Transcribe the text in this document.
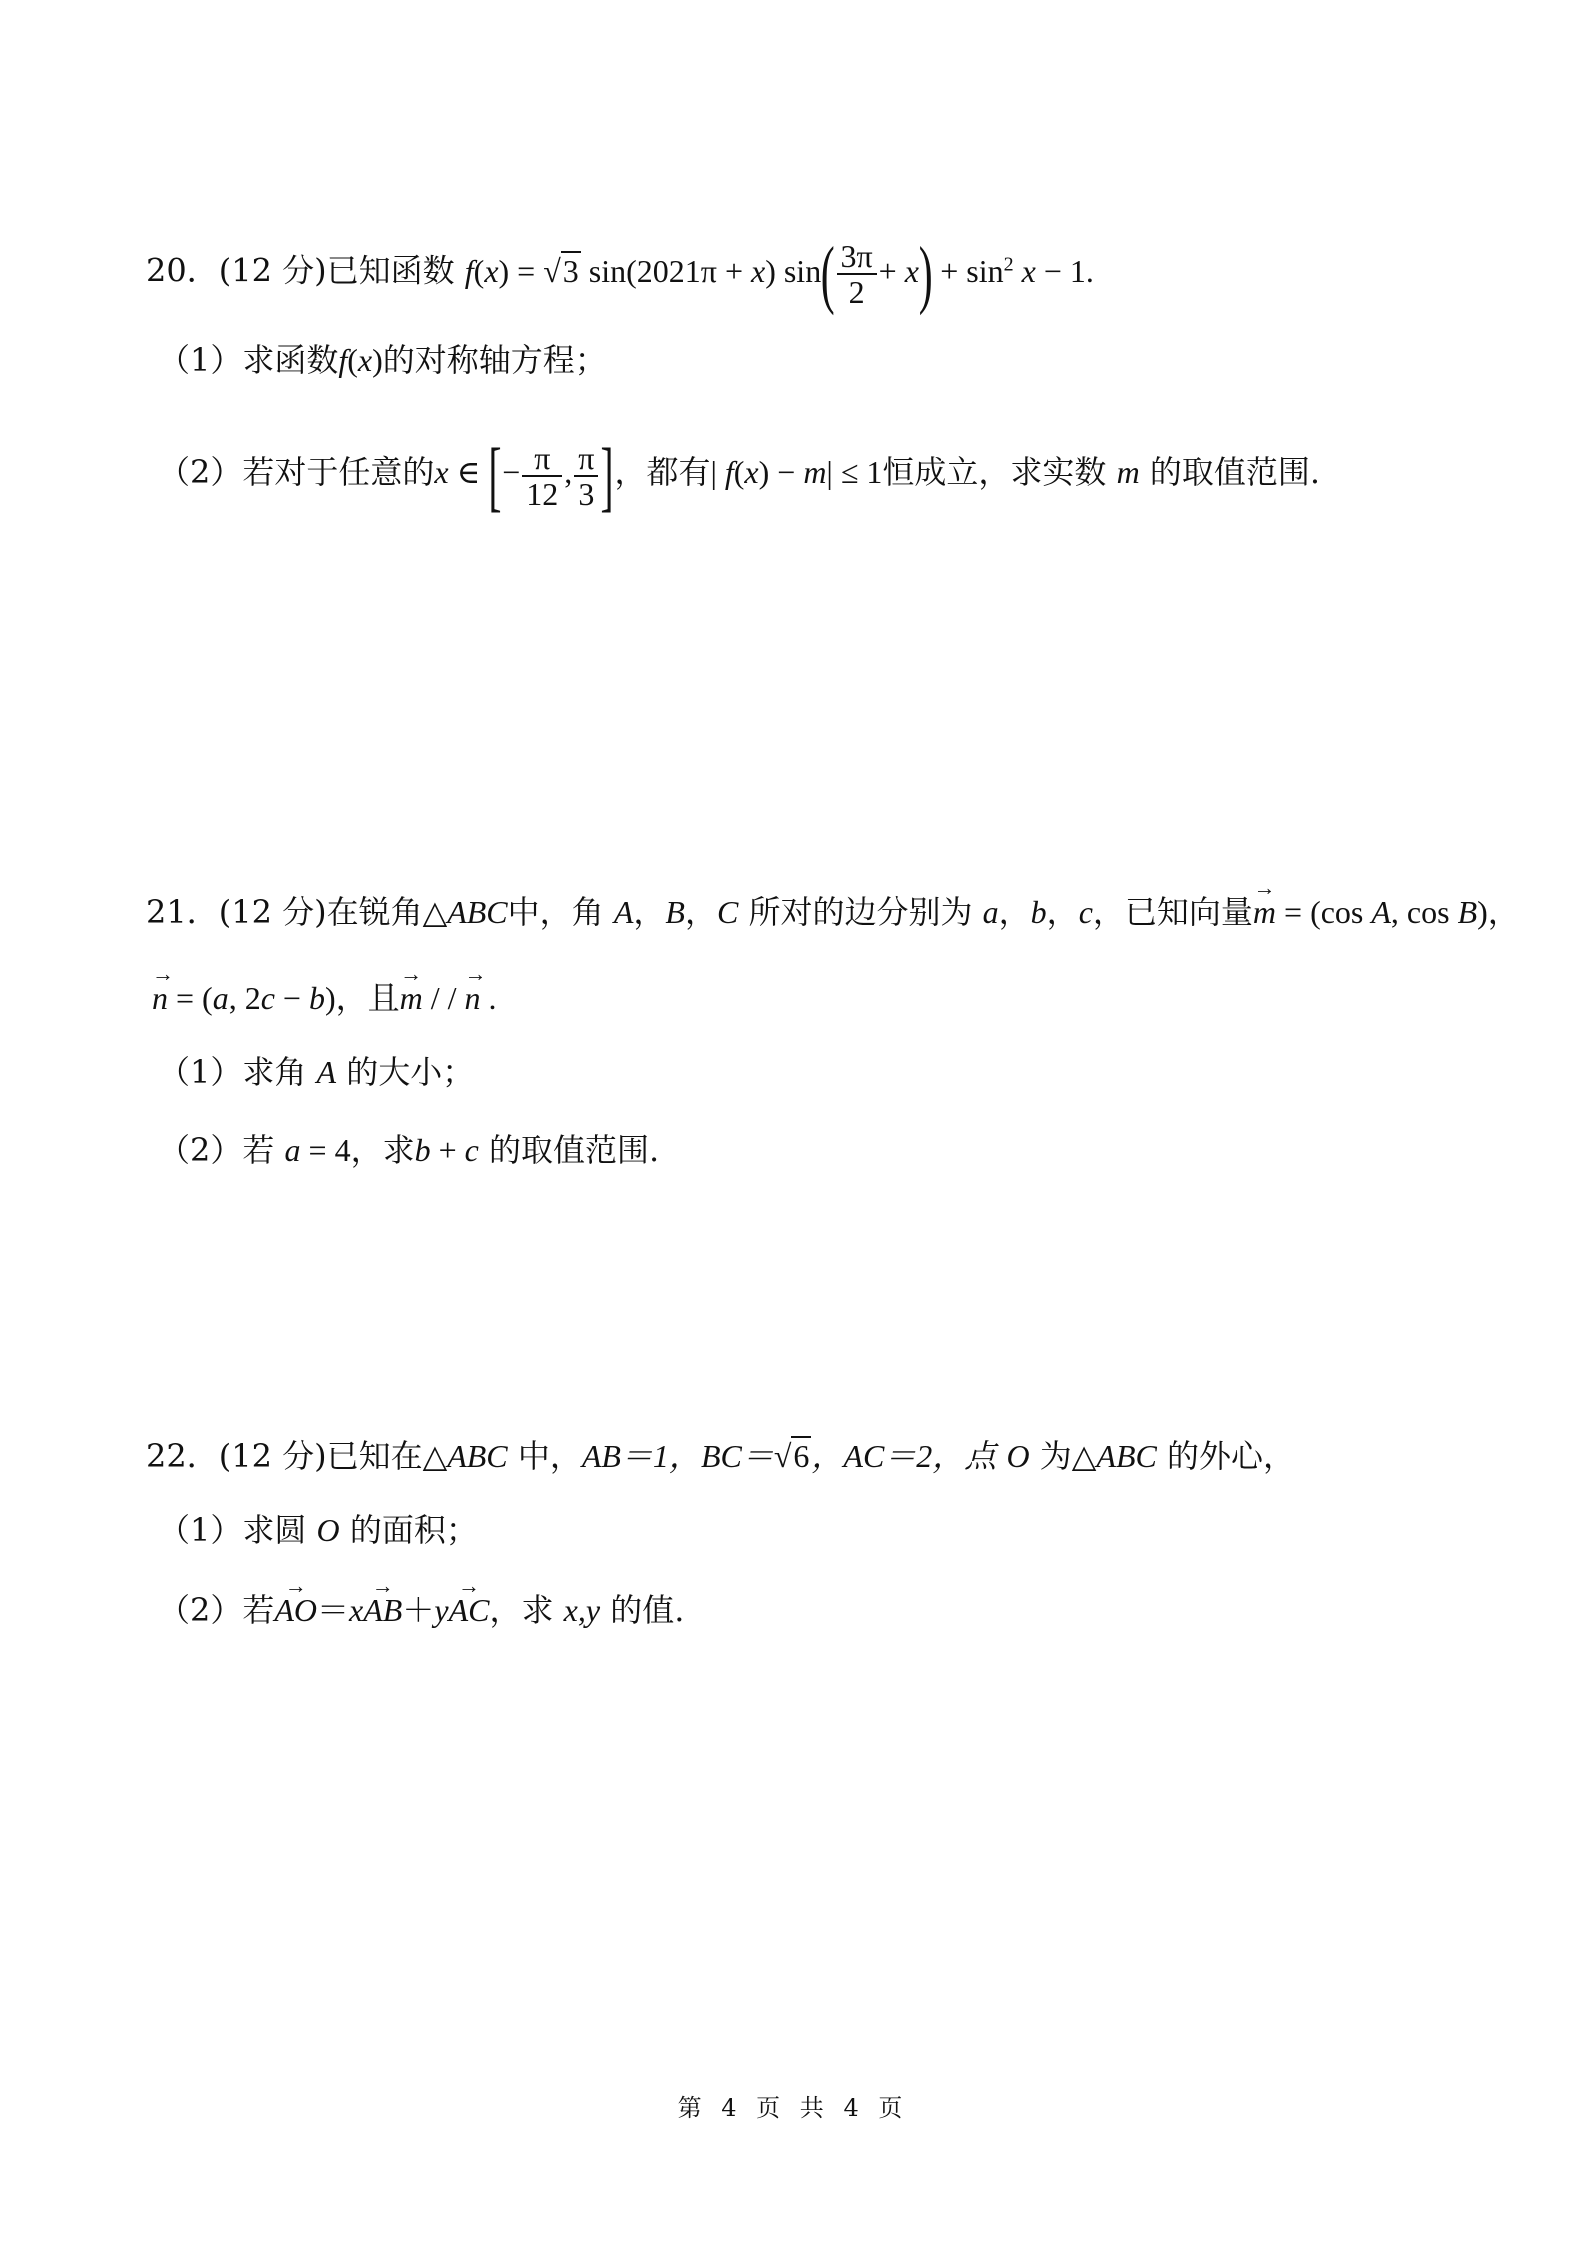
20．(12 分)已知函数 f(x) = √3 sin(2021π + x) $\sin( \frac{3\pi}{2} + x) + \sin^2 x - 1$.
（1）求函数f(x)的对称轴方程；
（2）若对于任意的x ∈ [− $\frac{\pi}{12}$ , $\frac{\pi}{3}$ ]，都有| f(x) − m| ≤ 1恒成立，求实数 m 的取值范围.
21．(12 分)在锐角△ABC中，角 A，B，C 所对的边分别为 a，b，c，已知向量→ m = (cos A, cos B)，
→ n = (a, 2c − b)，且→ m / / → n .
（1）求角 A 的大小；
（2）若 a = 4，求b + c 的取值范围.
22．(12 分)已知在△ABC 中，AB＝1，BC＝√6，AC＝2，点 O 为△ABC 的外心，
（1）求圆 O 的面积；
（2）若→ AO＝x→ AB＋y→ AC，求 x,y 的值.
第 4 页 共 4 页
